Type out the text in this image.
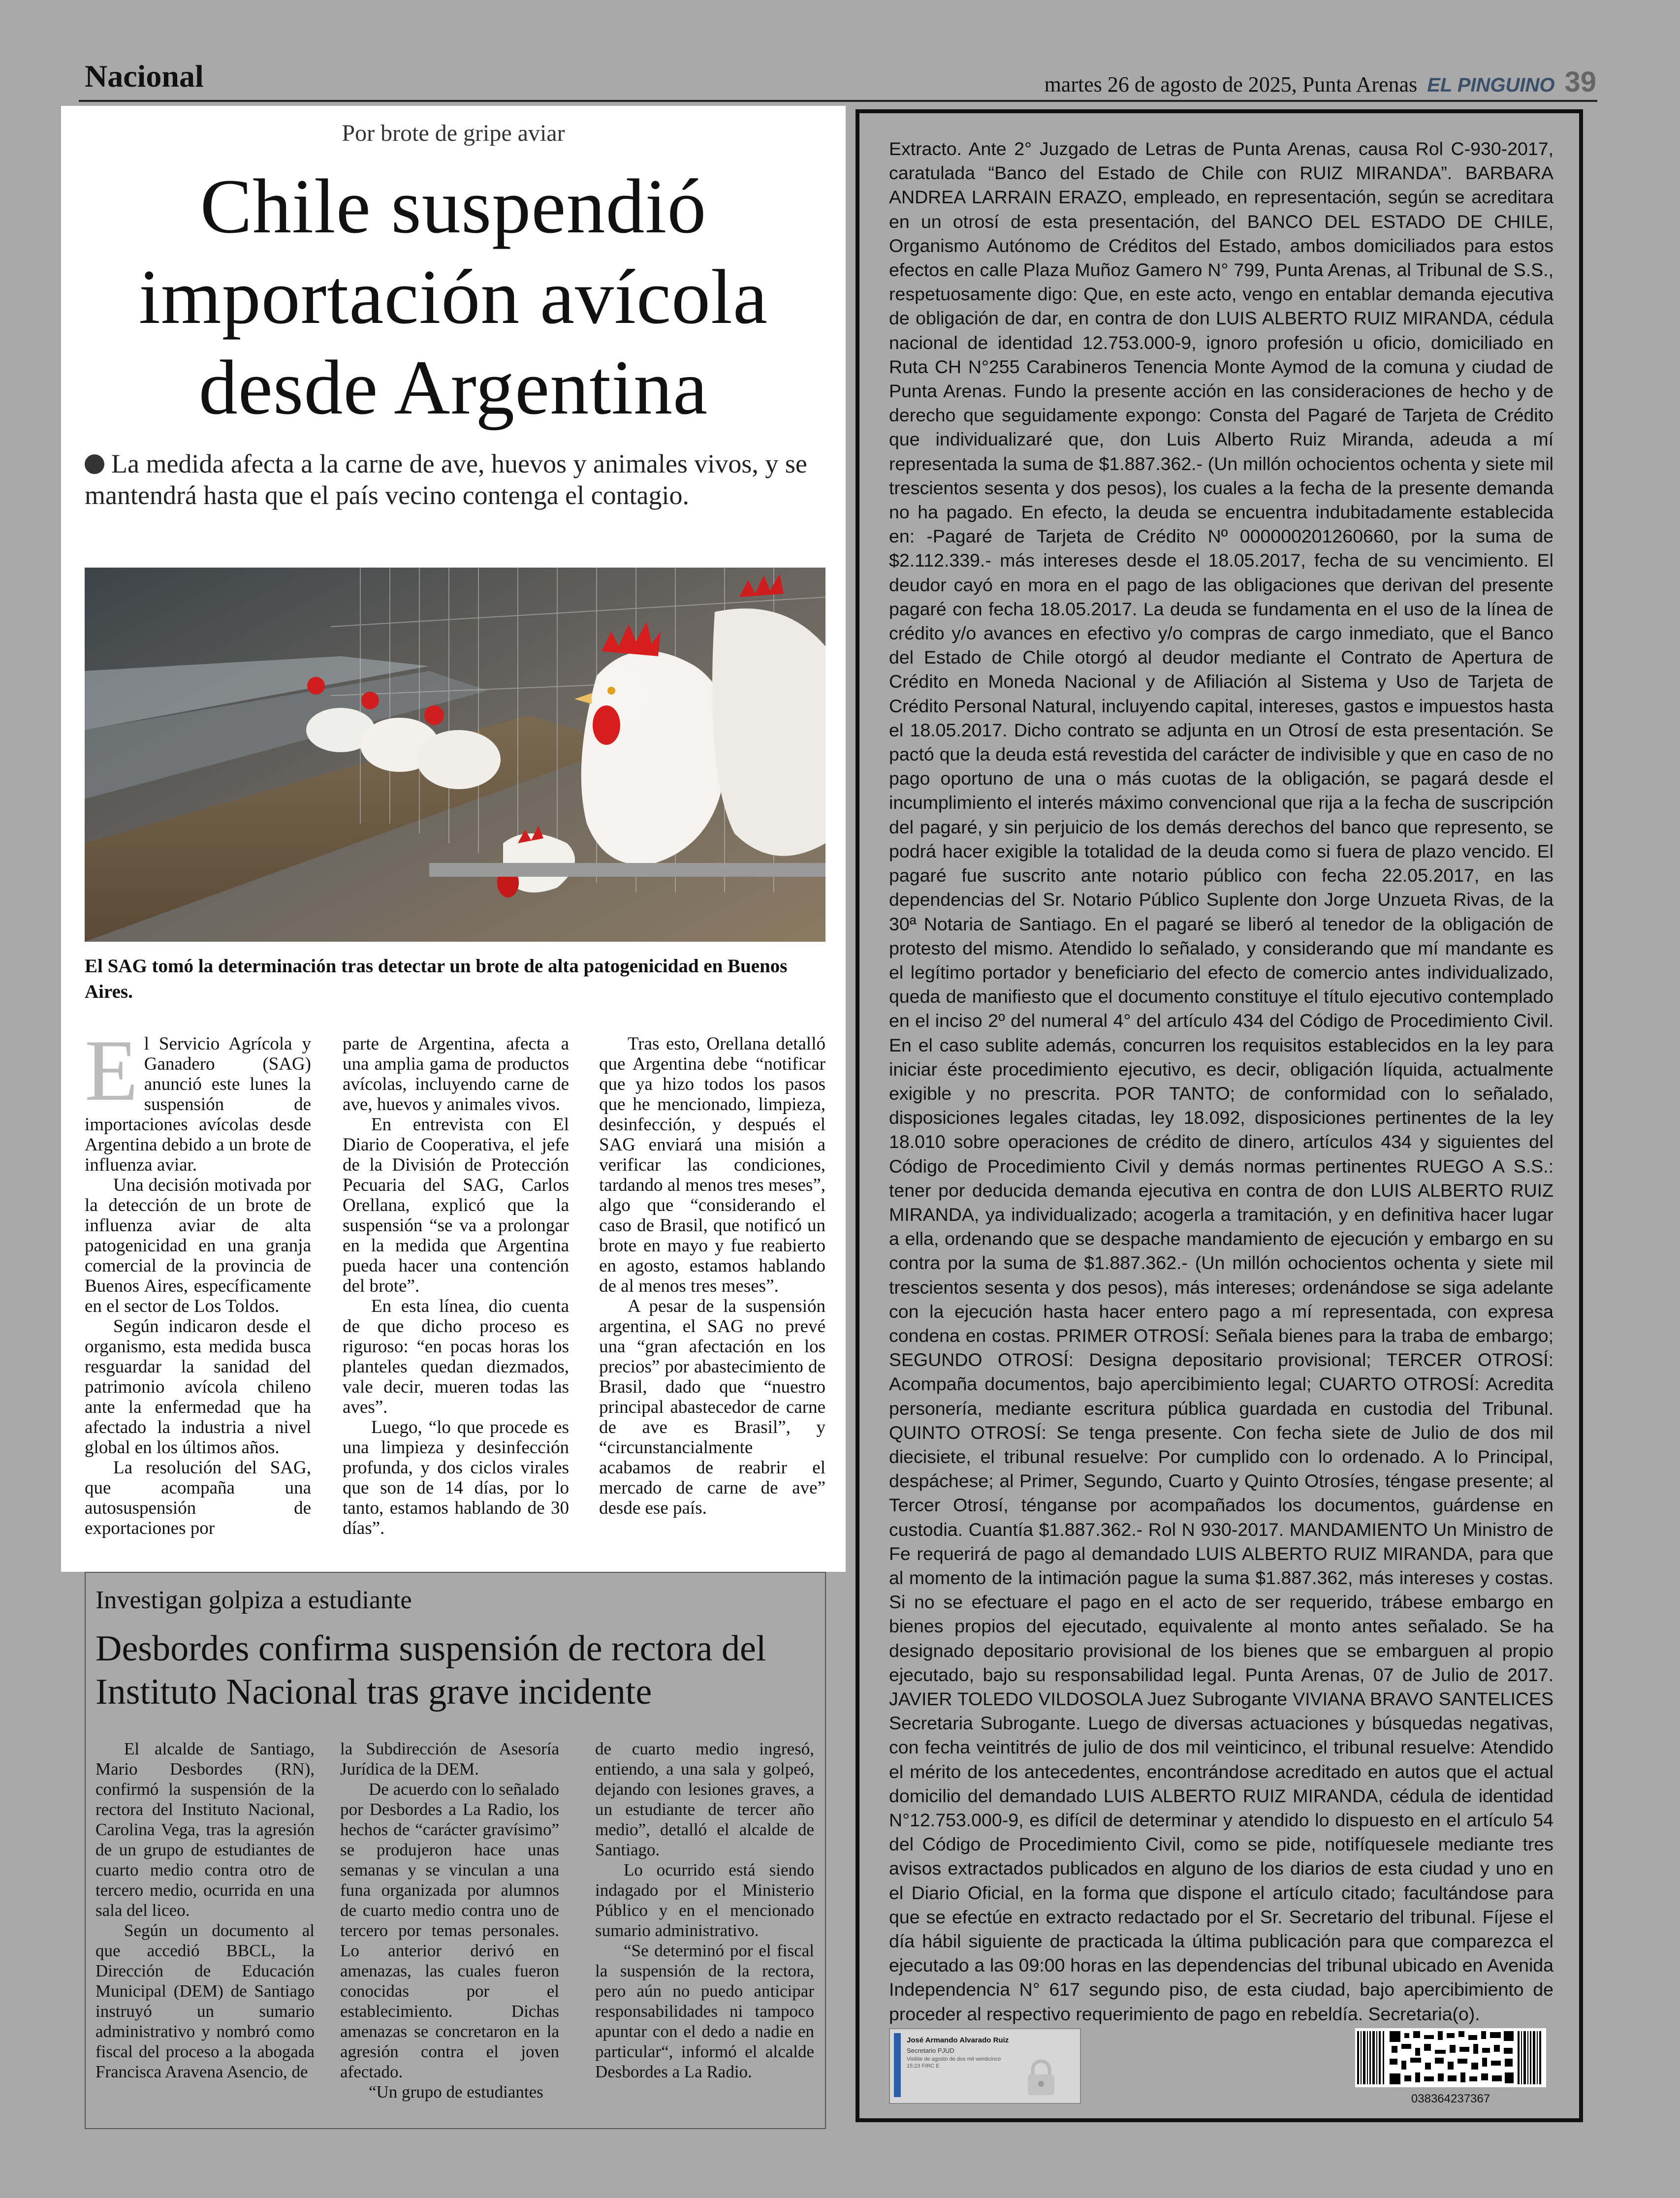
Nacional	martes 26 de agosto de 2025, Punta Arenas EL PINGUINO 39
Por brote de gripe aviar
Chile suspendió importación avícola desde Argentina
La medida afecta a la carne de ave, huevos y animales vivos, y se mantendrá hasta que el país vecino contenga el contagio.
El SAG tomó la determinación tras detectar un brote de alta patogenicidad en Buenos Aires.
E l Servicio Agrícola y Ganadero (SAG) anunció este lunes la suspensión de importaciones avícolas desde Argentina debido a un brote de influenza aviar.

Una decisión motivada por la detección de un brote de influenza aviar de alta patogenicidad en una granja comercial de la provincia de Buenos Aires, específicamente en el sector de Los Toldos.

Según indicaron desde el organismo, esta medida busca resguardar la sanidad del patrimonio avícola chileno ante la enfermedad que ha afectado la industria a nivel global en los últimos años.

La resolución del SAG, que acompaña una autosuspensión de exportaciones por

parte de Argentina, afecta a una amplia gama de productos avícolas, incluyendo carne de ave, huevos y animales vivos.

En entrevista con El Diario de Cooperativa, el jefe de la División de Protección Pecuaria del SAG, Carlos Orellana, explicó que la suspensión “se va a prolongar en la medida que Argentina pueda hacer una contención del brote”.

En esta línea, dio cuenta de que dicho proceso es riguroso: “en pocas horas los planteles quedan diezmados, vale decir, mueren todas las aves”.

Luego, “lo que procede es una limpieza y desinfección profunda, y dos ciclos virales que son de 14 días, por lo tanto, estamos hablando de 30 días”.

Tras esto, Orellana detalló que Argentina debe “notificar que ya hizo todos los pasos que he mencionado, limpieza, desinfección, y después el SAG enviará una misión a verificar las condiciones, tardando al menos tres meses”, algo que “considerando el caso de Brasil, que notificó un brote en mayo y fue reabierto en agosto, estamos hablando de al menos tres meses”.

A pesar de la suspensión argentina, el SAG no prevé una “gran afectación en los precios” por abastecimiento de Brasil, dado que “nuestro principal abastecedor de carne de ave es Brasil”, y “circunstancialmente acabamos de reabrir el mercado de carne de ave” desde ese país.

Investigan golpiza a estudiante
Desbordes confirma suspensión de rectora del Instituto Nacional tras grave incidente

El alcalde de Santiago, Mario Desbordes (RN), confirmó la suspensión de la rectora del Instituto Nacional, Carolina Vega, tras la agresión de un grupo de estudiantes de cuarto medio contra otro de tercero medio, ocurrida en una sala del liceo.

Según un documento al que accedió BBCL, la Dirección de Educación Municipal (DEM) de Santiago instruyó un sumario administrativo y nombró como fiscal del proceso a la abogada Francisca Aravena Asencio, de

la Subdirección de Asesoría Jurídica de la DEM.

De acuerdo con lo señalado por Desbordes a La Radio, los hechos de “carácter gravísimo” se produjeron hace unas semanas y se vinculan a una funa organizada por alumnos de cuarto medio contra uno de tercero por temas personales. Lo anterior derivó en amenazas, las cuales fueron conocidas por el establecimiento. Dichas amenazas se concretaron en la agresión contra el joven afectado.

“Un grupo de estudiantes

de cuarto medio ingresó, entiendo, a una sala y golpeó, dejando con lesiones graves, a un estudiante de tercer año medio”, detalló el alcalde de Santiago.

Lo ocurrido está siendo indagado por el Ministerio Público y en el mencionado sumario administrativo.

“Se determinó por el fiscal la suspensión de la rectora, pero aún no puedo anticipar responsabilidades ni tampoco apuntar con el dedo a nadie en particular“, informó el alcalde Desbordes a La Radio.

Extracto. Ante 2° Juzgado de Letras de Punta Arenas, causa Rol C-930-2017, caratulada “Banco del Estado de Chile con RUIZ MIRANDA”. BARBARA ANDREA LARRAIN ERAZO, empleado, en representación, según se acreditara en un otrosí de esta presentación, del BANCO DEL ESTADO DE CHILE, Organismo Autónomo de Créditos del Estado, ambos domiciliados para estos efectos en calle Plaza Muñoz Gamero N° 799, Punta Arenas, al Tribunal de S.S., respetuosamente digo: Que, en este acto, vengo en entablar demanda ejecutiva de obligación de dar, en contra de don LUIS ALBERTO RUIZ MIRANDA, cédula nacional de identidad 12.753.000-9, ignoro profesión u oficio, domiciliado en Ruta CH N°255 Carabineros Tenencia Monte Aymod de la comuna y ciudad de Punta Arenas. Fundo la presente acción en las consideraciones de hecho y de derecho que seguidamente expongo: Consta del Pagaré de Tarjeta de Crédito que individualizaré que, don Luis Alberto Ruiz Miranda, adeuda a mí representada la suma de $1.887.362.- (Un millón ochocientos ochenta y siete mil trescientos sesenta y dos pesos), los cuales a la fecha de la presente demanda no ha pagado. En efecto, la deuda se encuentra indubitadamente establecida en: -Pagaré de Tarjeta de Crédito Nº 000000201260660, por la suma de $2.112.339.- más intereses desde el 18.05.2017, fecha de su vencimiento. El deudor cayó en mora en el pago de las obligaciones que derivan del presente pagaré con fecha 18.05.2017. La deuda se fundamenta en el uso de la línea de crédito y/o avances en efectivo y/o compras de cargo inmediato, que el Banco del Estado de Chile otorgó al deudor mediante el Contrato de Apertura de Crédito en Moneda Nacional y de Afiliación al Sistema y Uso de Tarjeta de Crédito Personal Natural, incluyendo capital, intereses, gastos e impuestos hasta el 18.05.2017. Dicho contrato se adjunta en un Otrosí de esta presentación. Se pactó que la deuda está revestida del carácter de indivisible y que en caso de no pago oportuno de una o más cuotas de la obligación, se pagará desde el incumplimiento el interés máximo convencional que rija a la fecha de suscripción del pagaré, y sin perjuicio de los demás derechos del banco que represento, se podrá hacer exigible la totalidad de la deuda como si fuera de plazo vencido. El pagaré fue suscrito ante notario público con fecha 22.05.2017, en las dependencias del Sr. Notario Público Suplente don Jorge Unzueta Rivas, de la 30ª Notaria de Santiago. En el pagaré se liberó al tenedor de la obligación de protesto del mismo. Atendido lo señalado, y considerando que mí mandante es el legítimo portador y beneficiario del efecto de comercio antes individualizado, queda de manifiesto que el documento constituye el título ejecutivo contemplado en el inciso 2º del numeral 4° del artículo 434 del Código de Procedimiento Civil. En el caso sublite además, concurren los requisitos establecidos en la ley para iniciar éste procedimiento ejecutivo, es decir, obligación líquida, actualmente exigible y no prescrita. POR TANTO; de conformidad con lo señalado, disposiciones legales citadas, ley 18.092, disposiciones pertinentes de la ley 18.010 sobre operaciones de crédito de dinero, artículos 434 y siguientes del Código de Procedimiento Civil y demás normas pertinentes RUEGO A S.S.: tener por deducida demanda ejecutiva en contra de don LUIS ALBERTO RUIZ MIRANDA, ya individualizado; acogerla a tramitación, y en definitiva hacer lugar a ella, ordenando que se despache mandamiento de ejecución y embargo en su contra por la suma de $1.887.362.- (Un millón ochocientos ochenta y siete mil trescientos sesenta y dos pesos), más intereses; ordenándose se siga adelante con la ejecución hasta hacer entero pago a mí representada, con expresa condena en costas. PRIMER OTROSÍ: Señala bienes para la traba de embargo; SEGUNDO OTROSÍ: Designa depositario provisional; TERCER OTROSÍ: Acompaña documentos, bajo apercibimiento legal; CUARTO OTROSÍ: Acredita personería, mediante escritura pública guardada en custodia del Tribunal. QUINTO OTROSÍ: Se tenga presente. Con fecha siete de Julio de dos mil diecisiete, el tribunal resuelve: Por cumplido con lo ordenado. A lo Principal, despáchese; al Primer, Segundo, Cuarto y Quinto Otrosíes, téngase presente; al Tercer Otrosí, ténganse por acompañados los documentos, guárdense en custodia. Cuantía $1.887.362.- Rol N 930-2017. MANDAMIENTO Un Ministro de Fe requerirá de pago al demandado LUIS ALBERTO RUIZ MIRANDA, para que al momento de la intimación pague la suma $1.887.362, más intereses y costas. Si no se efectuare el pago en el acto de ser requerido, trábese embargo en bienes propios del ejecutado, equivalente al monto antes señalado. Se ha designado depositario provisional de los bienes que se embarguen al propio ejecutado, bajo su responsabilidad legal. Punta Arenas, 07 de Julio de 2017. JAVIER TOLEDO VILDOSOLA Juez Subrogante VIVIANA BRAVO SANTELICES Secretaria Subrogante. Luego de diversas actuaciones y búsquedas negativas, con fecha veintitrés de julio de dos mil veinticinco, el tribunal resuelve: Atendido el mérito de los antecedentes, encontrándose acreditado en autos que el actual domicilio del demandado LUIS ALBERTO RUIZ MIRANDA, cédula de identidad N°12.753.000-9, es difícil de determinar y atendido lo dispuesto en el artículo 54 del Código de Procedimiento Civil, como se pide, notifíquesele mediante tres avisos extractados publicados en alguno de los diarios de esta ciudad y uno en el Diario Oficial, en la forma que dispone el artículo citado; facultándose para que se efectúe en extracto redactado por el Sr. Secretario del tribunal. Fíjese el día hábil siguiente de practicada la última publicación para que comparezca el ejecutado a las 09:00 horas en las dependencias del tribunal ubicado en Avenida Independencia N° 617 segundo piso, de esta ciudad, bajo apercibimiento de proceder al respectivo requerimiento de pago en rebeldía. Secretaria(o).
José Armando Alvarado Ruiz
Secretario PJUD
Visible de agosto de dos mil veinticinco 15:23 FIRC E
038364237367
